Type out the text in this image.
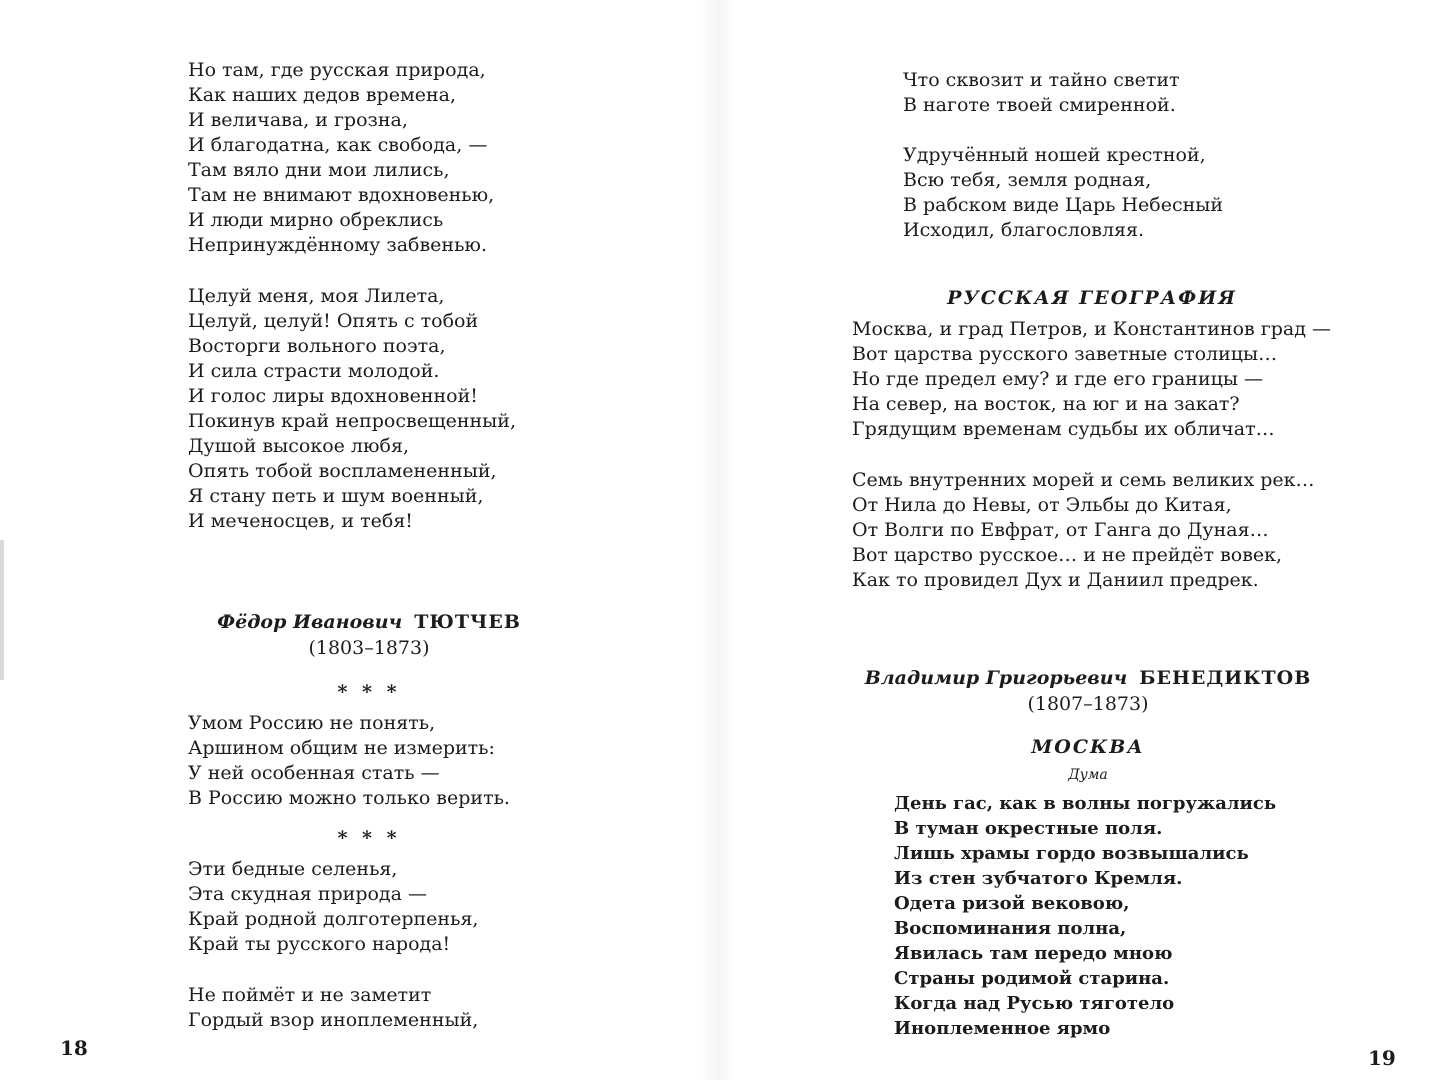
Но там, где русская природа,
Как наших дедов времена,
И величава, и грозна,
И благодатна, как свобода, —
Там вяло дни мои лились,
Там не внимают вдохновенью,
И люди мирно обреклись
Непринуждённому забвенью.
Целуй меня, моя Лилета,
Целуй, целуй! Опять с тобой
Восторги вольного поэта,
И сила страсти молодой.
И голос лиры вдохновенной!
Покинув край непросвещенный,
Душой высокое любя,
Опять тобой воспламененный,
Я стану петь и шум военный,
И меченосцев, и тебя!
Фёдор Иванович ТЮТЧЕВ
(1803–1873)
* * *
Умом Россию не понять,
Аршином общим не измерить:
У ней особенная стать —
В Россию можно только верить.
* * *
Эти бедные селенья,
Эта скудная природа —
Край родной долготерпенья,
Край ты русского народа!
Не поймёт и не заметит
Гордый взор иноплеменный,
18
Что сквозит и тайно светит
В наготе твоей смиренной.
Удручённый ношей крестной,
Всю тебя, земля родная,
В рабском виде Царь Небесный
Исходил, благословляя.
РУССКАЯ ГЕОГРАФИЯ
Москва, и град Петров, и Константинов град —
Вот царства русского заветные столицы…
Но где предел ему? и где его границы —
На север, на восток, на юг и на закат?
Грядущим временам судьбы их обличат…
Семь внутренних морей и семь великих рек…
От Нила до Невы, от Эльбы до Китая,
От Волги по Евфрат, от Ганга до Дуная…
Вот царство русское… и не прейдёт вовек,
Как то провидел Дух и Даниил предрек.
Владимир Григорьевич БЕНЕДИКТОВ
(1807–1873)
МОСКВА
Дума
День гас, как в волны погружались
В туман окрестные поля.
Лишь храмы гордо возвышались
Из стен зубчатого Кремля.
Одета ризой вековою,
Воспоминания полна,
Явилась там передо мною
Страны родимой старина.
Когда над Русью тяготело
Иноплеменное ярмо
19
